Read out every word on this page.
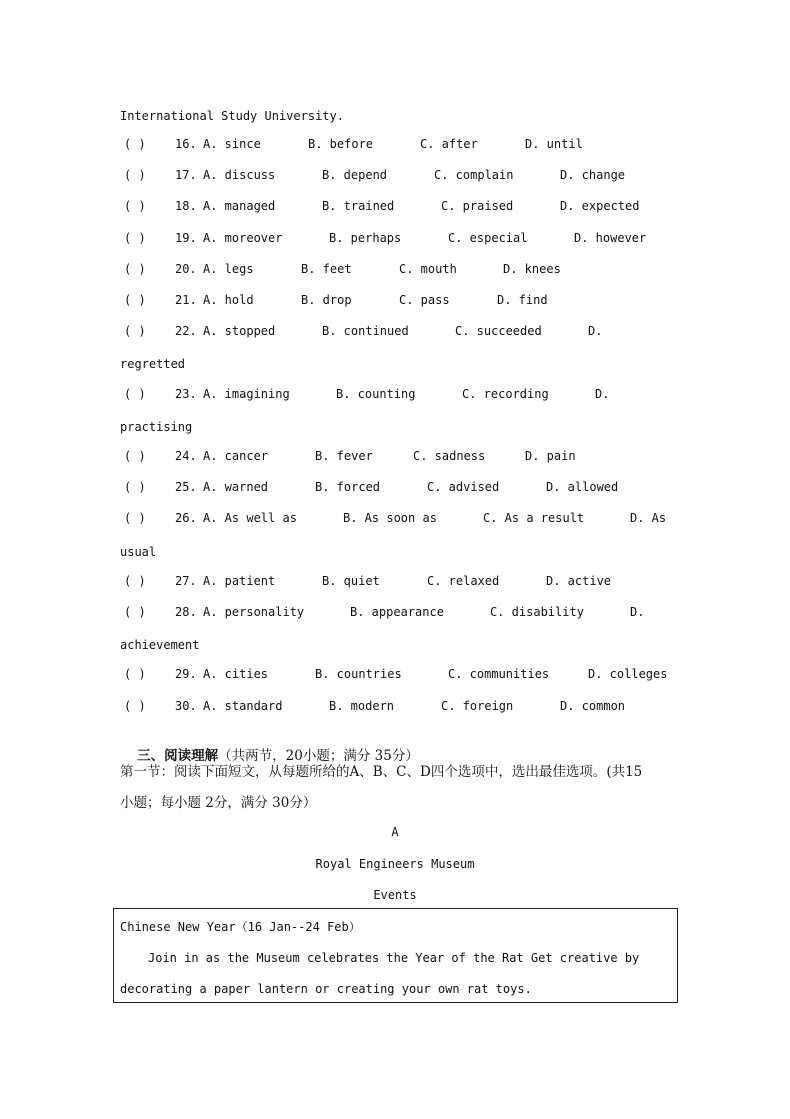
International Study University.
( ) 16. A. since	B. before	C. after	D. until
( ) 17. A. discuss	B. depend	C. complain	D. change
( ) 18. A. managed	B. trained	C. praised	D. expected
( ) 19. A. moreover	B. perhaps	C. especial	D. however
( ) 20. A. legs	B. feet	C. mouth	D. knees
( ) 21. A. hold	B. drop	C. pass	D. find
( ) 22. A. stopped	B. continued	C. succeeded	D.
regretted
( ) 23. A. imagining	B. counting	C. recording	D.
practising
( ) 24. A. cancer	B. fever	C. sadness	D. pain
( ) 25. A. warned	B. forced	C. advised	D. allowed
( ) 26. A. As well as	B. As soon as	C. As a result	D. As
usual
( ) 27. A. patient	B. quiet	C. relaxed	D. active
( ) 28. A. personality	B. appearance	C. disability	D.
achievement
( ) 29. A. cities	B. countries	C. communities	D. colleges
( ) 30. A. standard	B. modern	C. foreign	D. common

三、阅读理解（共两节，20小题；满分 35分）

第一节：阅读下面短文，从每题所给的A、B、C、D四个选项中，选出最佳选项。(共15
小题；每小题 2分，满分 30分）
A
Royal Engineers Museum
Events
Chinese New Year（16 Jan--24 Feb）
Join in as the Museum celebrates the Year of the Rat Get creative by
decorating a paper lantern or creating your own rat toys.
